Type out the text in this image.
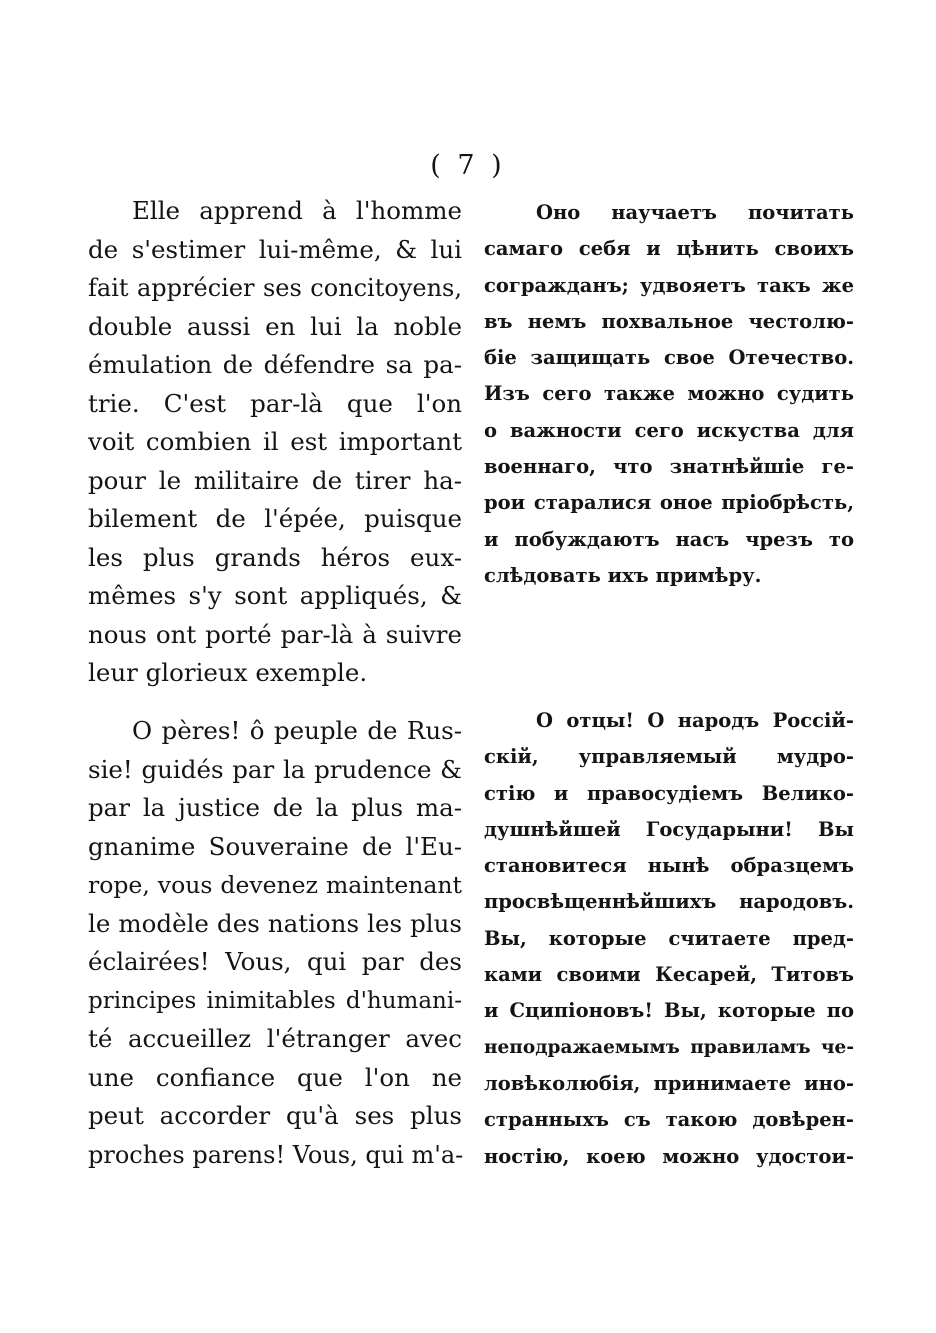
( 7 )
Elle apprend à l'homme
de s'estimer lui-même, & lui
fait apprécier ses concitoyens,
double aussi en lui la noble
émulation de défendre sa pa-
trie. C'est par-là que l'on
voit combien il est important
pour le militaire de tirer ha-
bilement de l'épée, puisque
les plus grands héros eux-
mêmes s'y sont appliqués, &
nous ont porté par-là à suivre
leur glorieux exemple.
O pères! ô peuple de Rus-
sie! guidés par la prudence &
par la justice de la plus ma-
gnanime Souveraine de l'Eu-
rope, vous devenez maintenant
le modèle des nations les plus
éclairées! Vous, qui par des
principes inimitables d'humani-
té accueillez l'étranger avec
une confiance que l'on ne
peut accorder qu'à ses plus
proches parens! Vous, qui m'a-
Оно научаетъ почитать
самаго себя и цѣнить своихъ
согражданъ; удвояетъ такъ же
въ немъ похвальное честолю-
біе защищать свое Отечество.
Изъ сего также можно судить
о важности сего искуства для
военнаго, что знатнѣйшіе ге-
рои старалися оное пріобрѣсть,
и побуждаютъ насъ чрезъ то
слѣдовать ихъ примѣру.
О отцы! О народъ Россій-
скій, управляемый мудро-
стію и правосудіемъ Велико-
душнѣйшей Государыни! Вы
становитеся нынѣ образцемъ
просвѣщеннѣйшихъ народовъ.
Вы, которые считаете пред-
ками своими Кесарей, Титовъ
и Сципіоновъ! Вы, которые по
неподражаемымъ правиламъ че-
ловѣколюбія, принимаете ино-
странныхъ съ такою довѣрен-
ностію, коею можно удостои-
